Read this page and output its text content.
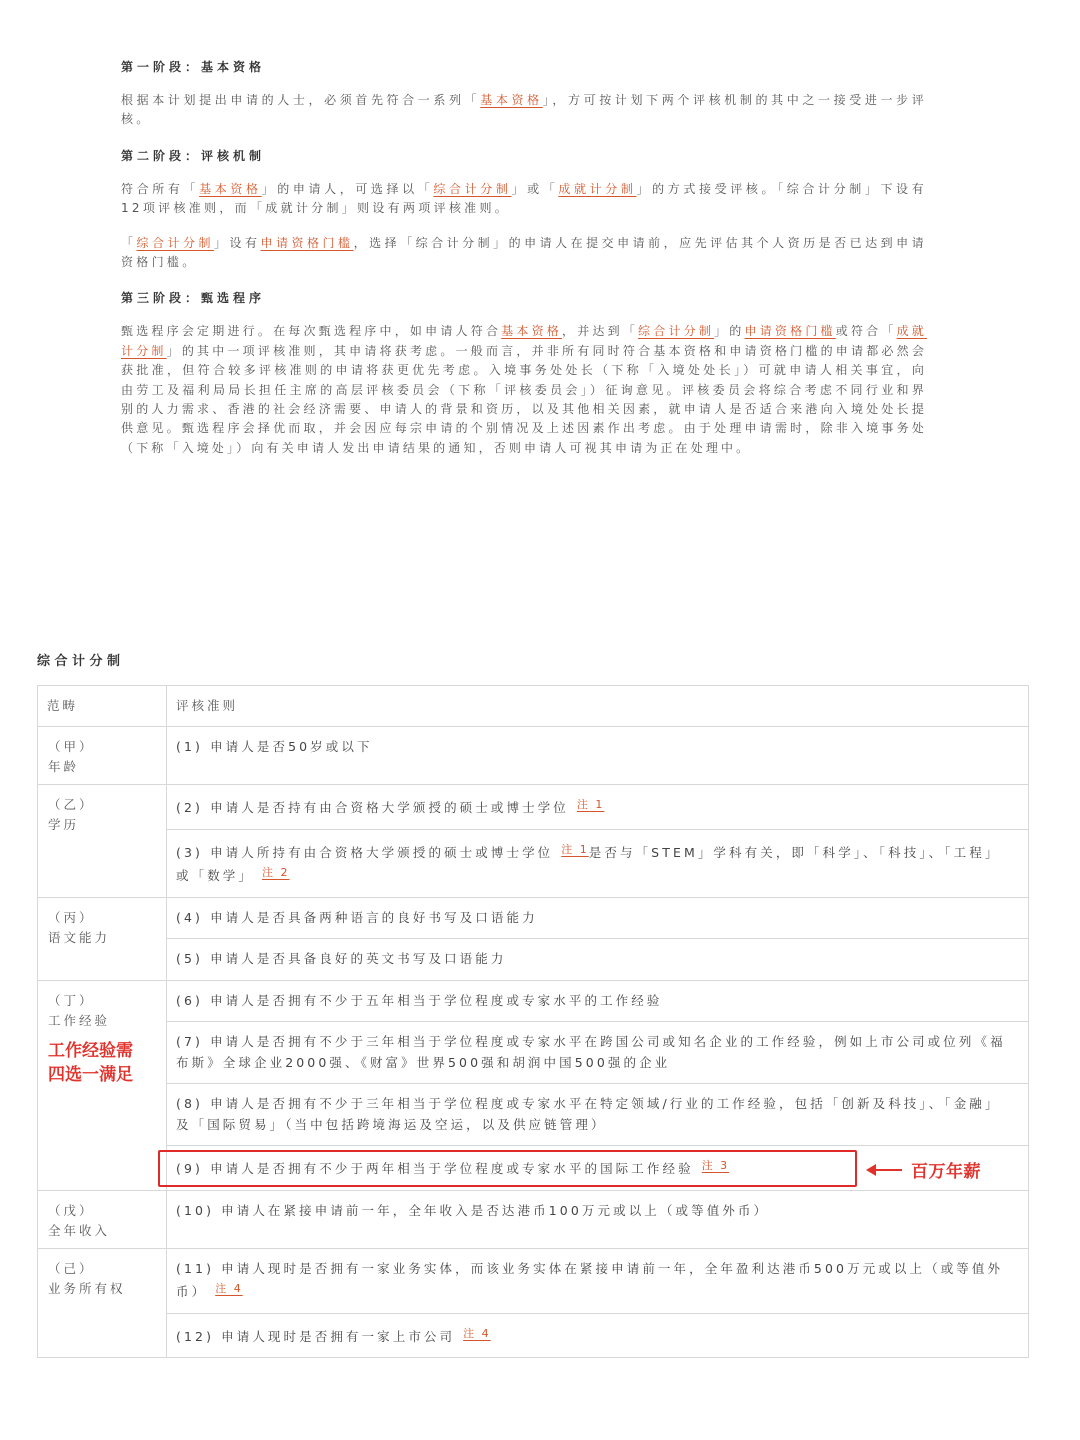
第一阶段：基本资格

根据本计划提出申请的人士，必须首先符合一系列「基本资格」，方可按计划下两个评核机制的其中之一接受进一步评核。

第二阶段：评核机制

符合所有「基本资格」的申请人，可选择以「综合计分制」或「成就计分制」的方式接受评核。「综合计分制」下设有12项评核准则，而「成就计分制」则设有两项评核准则。

「综合计分制」设有申请资格门槛，选择「综合计分制」的申请人在提交申请前，应先评估其个人资历是否已达到申请资格门槛。

第三阶段：甄选程序

甄选程序会定期进行。在每次甄选程序中，如申请人符合基本资格，并达到「综合计分制」的申请资格门槛或符合「成就计分制」的其中一项评核准则，其申请将获考虑。一般而言，并非所有同时符合基本资格和申请资格门槛的申请都必然会获批准，但符合较多评核准则的申请将获更优先考虑。入境事务处处长（下称「入境处处长」）可就申请人相关事宜，向由劳工及福利局局长担任主席的高层评核委员会（下称「评核委员会」）征询意见。评核委员会将综合考虑不同行业和界别的人力需求、香港的社会经济需要、申请人的背景和资历，以及其他相关因素，就申请人是否适合来港向入境处处长提供意见。甄选程序会择优而取，并会因应每宗申请的个别情况及上述因素作出考虑。由于处理申请需时，除非入境事务处（下称「入境处」）向有关申请人发出申请结果的通知，否则申请人可视其申请为正在处理中。

综合计分制
范畴	评核准则
（甲）
年龄	(1) 申请人是否50岁或以下
（乙）
学历	(2) 申请人是否持有由合资格大学颁授的硕士或博士学位 注 1
	(3) 申请人所持有由合资格大学颁授的硕士或博士学位 注 1是否与「STEM」学科有关，即「科学」、「科技」、「工程」或「数学」 注 2
（丙）
语文能力	(4) 申请人是否具备两种语言的良好书写及口语能力
	(5) 申请人是否具备良好的英文书写及口语能力
（丁）
工作经验
工作经验需
四选一满足	(6) 申请人是否拥有不少于五年相当于学位程度或专家水平的工作经验
	(7) 申请人是否拥有不少于三年相当于学位程度或专家水平在跨国公司或知名企业的工作经验，例如上市公司或位列《福布斯》全球企业2000强、《财富》世界500强和胡润中国500强的企业
	(8) 申请人是否拥有不少于三年相当于学位程度或专家水平在特定领域/行业的工作经验，包括「创新及科技」、「金融」及「国际贸易」（当中包括跨境海运及空运，以及供应链管理）
	(9) 申请人是否拥有不少于两年相当于学位程度或专家水平的国际工作经验 注 3
（戊）
全年收入	(10) 申请人在紧接申请前一年，全年收入是否达港币100万元或以上（或等值外币）
（己）
业务所有权	(11) 申请人现时是否拥有一家业务实体，而该业务实体在紧接申请前一年，全年盈利达港币500万元或以上（或等值外币） 注 4
	(12) 申请人现时是否拥有一家上市公司 注 4
百万年薪
